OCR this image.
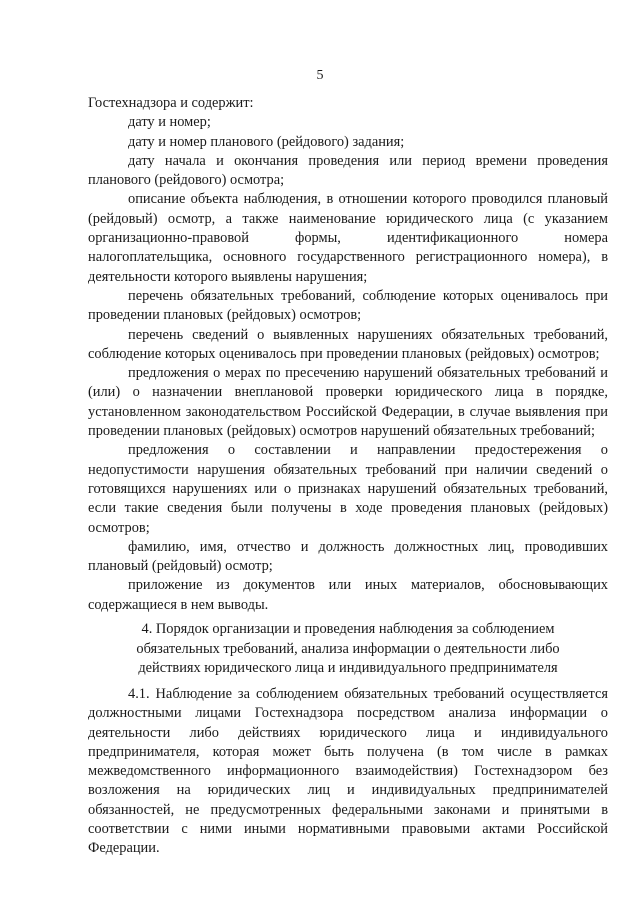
5

Гостехнадзора и содержит:

дату и номер;

дату и номер планового (рейдового) задания;

дату начала и окончания проведения или период времени проведения планового (рейдового) осмотра;

описание объекта наблюдения, в отношении которого проводился плановый (рейдовый) осмотр, а также наименование юридического лица (с указанием организационно-правовой формы, идентификационного номера налогоплательщика, основного государственного регистрационного номера), в деятельности которого выявлены нарушения;

перечень обязательных требований, соблюдение которых оценивалось при проведении плановых (рейдовых) осмотров;

перечень сведений о выявленных нарушениях обязательных требований, соблюдение которых оценивалось при проведении плановых (рейдовых) осмотров;

предложения о мерах по пресечению нарушений обязательных требований и (или) о назначении внеплановой проверки юридического лица в порядке, установленном законодательством Российской Федерации, в случае выявления при проведении плановых (рейдовых) осмотров нарушений обязательных требований;

предложения о составлении и направлении предостережения о недопустимости нарушения обязательных требований при наличии сведений о готовящихся нарушениях или о признаках нарушений обязательных требований, если такие сведения были получены в ходе проведения плановых (рейдовых) осмотров;

фамилию, имя, отчество и должность должностных лиц, проводивших плановый (рейдовый) осмотр;

приложение из документов или иных материалов, обосновывающих содержащиеся в нем выводы.

4. Порядок организации и проведения наблюдения за соблюдением
обязательных требований, анализа информации о деятельности либо
действиях юридического лица и индивидуального предпринимателя

4.1. Наблюдение за соблюдением обязательных требований осуществляется должностными лицами Гостехнадзора посредством анализа информации о деятельности либо действиях юридического лица и индивидуального предпринимателя, которая может быть получена (в том числе в рамках межведомственного информационного взаимодействия) Гостехнадзором без возложения на юридических лиц и индивидуальных предпринимателей обязанностей, не предусмотренных федеральными законами и принятыми в соответствии с ними иными нормативными правовыми актами Российской Федерации.
